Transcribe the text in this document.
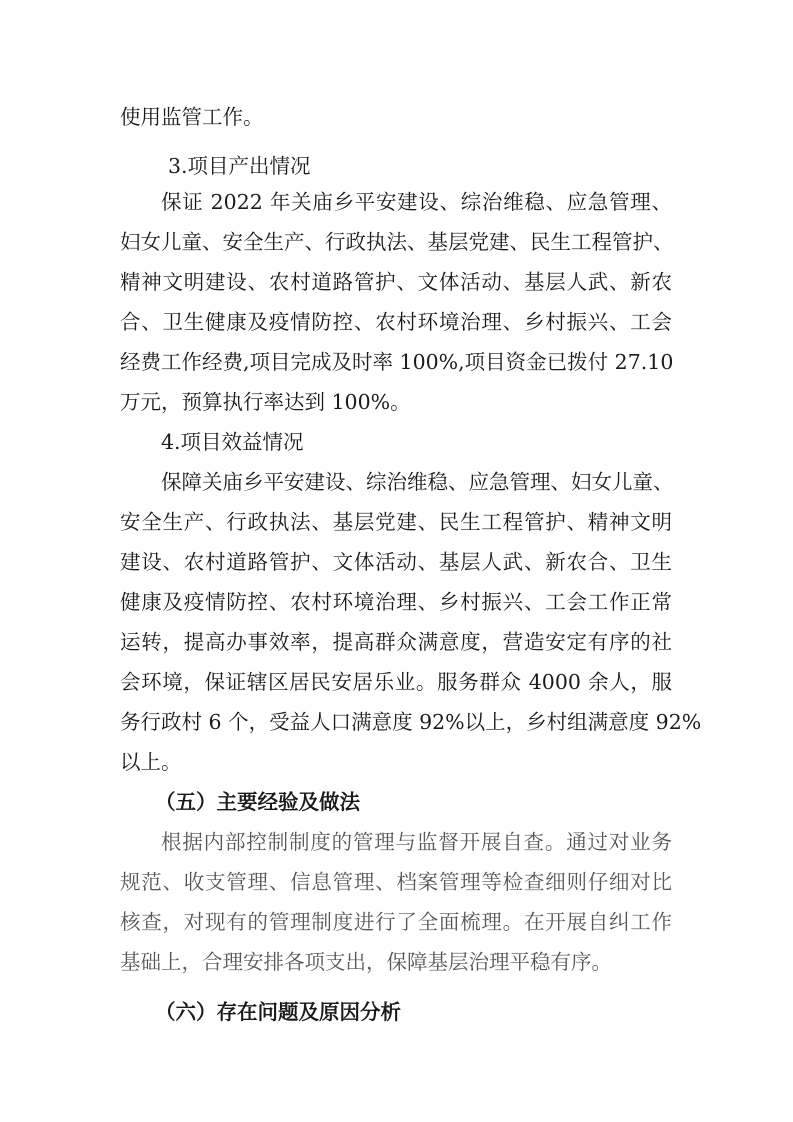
使用监管工作。
3.项目产出情况
保证 2022 年关庙乡平安建设、综治维稳、应急管理、
妇女儿童、安全生产、行政执法、基层党建、民生工程管护、
精神文明建设、农村道路管护、文体活动、基层人武、新农
合、卫生健康及疫情防控、农村环境治理、乡村振兴、工会
经费工作经费,项目完成及时率 100%,项目资金已拨付 27.10
万元，预算执行率达到 100%。
4.项目效益情况
保障关庙乡平安建设、综治维稳、应急管理、妇女儿童、
安全生产、行政执法、基层党建、民生工程管护、精神文明
建设、农村道路管护、文体活动、基层人武、新农合、卫生
健康及疫情防控、农村环境治理、乡村振兴、工会工作正常
运转，提高办事效率，提高群众满意度，营造安定有序的社
会环境，保证辖区居民安居乐业。服务群众 4000 余人，服
务行政村 6 个，受益人口满意度 92%以上，乡村组满意度 92%
以上。
（五）主要经验及做法
根据内部控制制度的管理与监督开展自查。通过对业务
规范、收支管理、信息管理、档案管理等检查细则仔细对比
核查，对现有的管理制度进行了全面梳理。在开展自纠工作
基础上，合理安排各项支出，保障基层治理平稳有序。
（六）存在问题及原因分析
